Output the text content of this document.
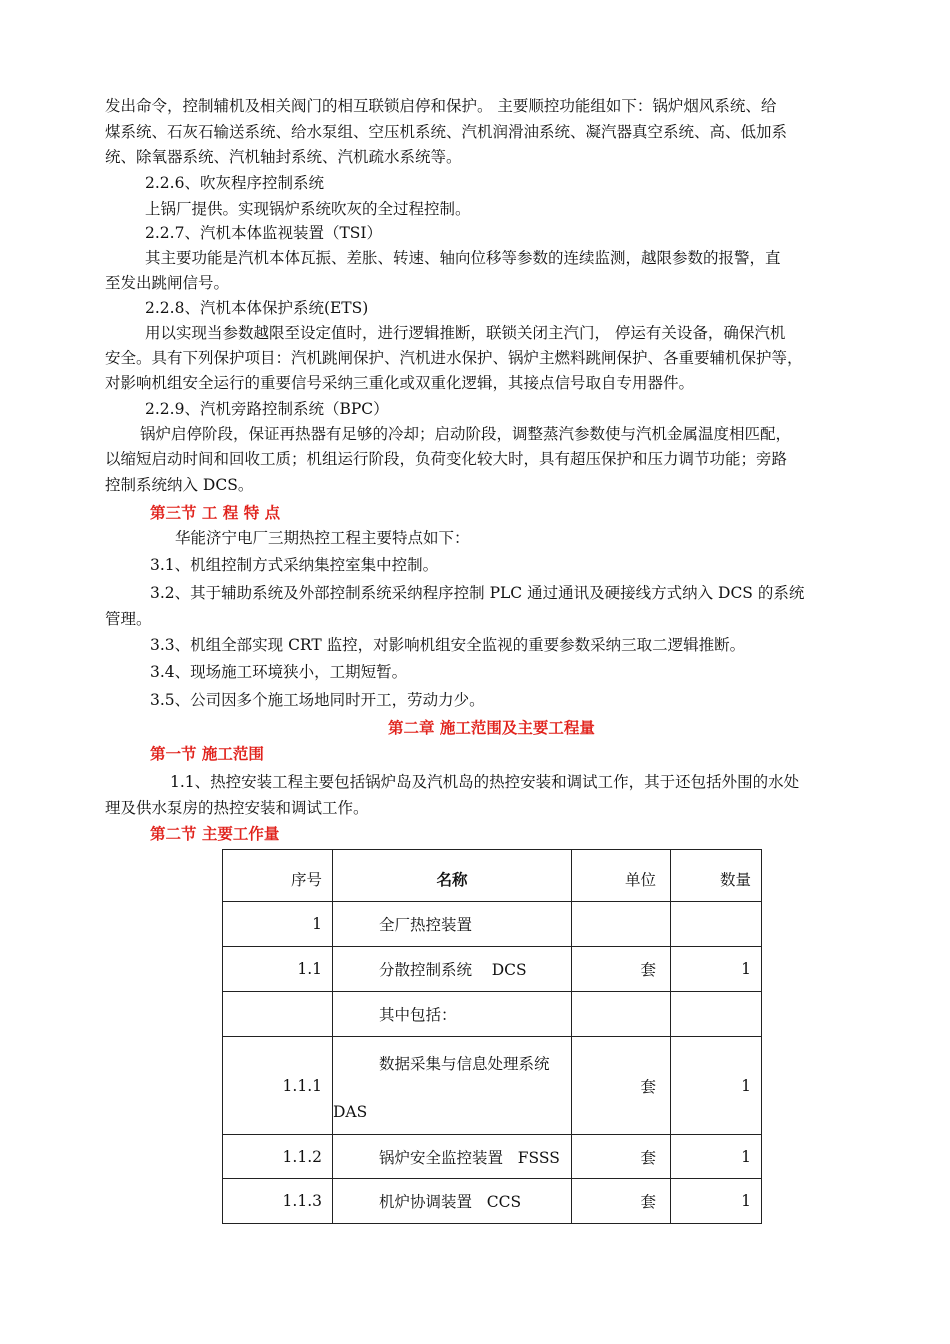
发出命令，控制辅机及相关阀门的相互联锁启停和保护。 主要顺控功能组如下：锅炉烟风系统、给
煤系统、石灰石输送系统、给水泵组、空压机系统、汽机润滑油系统、凝汽器真空系统、高、低加系
统、除氧器系统、汽机轴封系统、汽机疏水系统等。
2.2.6、吹灰程序控制系统
上锅厂提供。实现锅炉系统吹灰的全过程控制。
2.2.7、汽机本体监视装置（TSI）
其主要功能是汽机本体瓦振、差胀、转速、轴向位移等参数的连续监测，越限参数的报警，直
至发出跳闸信号。
2.2.8、汽机本体保护系统(ETS)
用以实现当参数越限至设定值时，进行逻辑推断，联锁关闭主汽门， 停运有关设备，确保汽机
安全。具有下列保护项目：汽机跳闸保护、汽机进水保护、锅炉主燃料跳闸保护、各重要辅机保护等，
对影响机组安全运行的重要信号采纳三重化或双重化逻辑，其接点信号取自专用器件。
2.2.9、汽机旁路控制系统（BPC）
锅炉启停阶段，保证再热器有足够的冷却；启动阶段，调整蒸汽参数使与汽机金属温度相匹配，
以缩短启动时间和回收工质；机组运行阶段，负荷变化较大时，具有超压保护和压力调节功能；旁路
控制系统纳入 DCS。
第三节 工 程 特 点
华能济宁电厂三期热控工程主要特点如下：
3.1、机组控制方式采纳集控室集中控制。
3.2、其于辅助系统及外部控制系统采纳程序控制 PLC 通过通讯及硬接线方式纳入 DCS 的系统
管理。
3.3、机组全部实现 CRT 监控，对影响机组安全监视的重要参数采纳三取二逻辑推断。
3.4、现场施工环境狭小，工期短暂。
3.5、公司因多个施工场地同时开工，劳动力少。
第二章 施工范围及主要工程量
第一节 施工范围
1.1、热控安装工程主要包括锅炉岛及汽机岛的热控安装和调试工作，其于还包括外围的水处
理及供水泵房的热控安装和调试工作。
第二节 主要工作量
序号	名称	单位	数量
1	全厂热控装置		
1.1	分散控制系统    DCS	套	1
	其中包括：		
1.1.1	数据采集与信息处理系统
DAS	套	1
1.1.2	锅炉安全监控装置   FSSS	套	1
1.1.3	机炉协调装置   CCS	套	1
